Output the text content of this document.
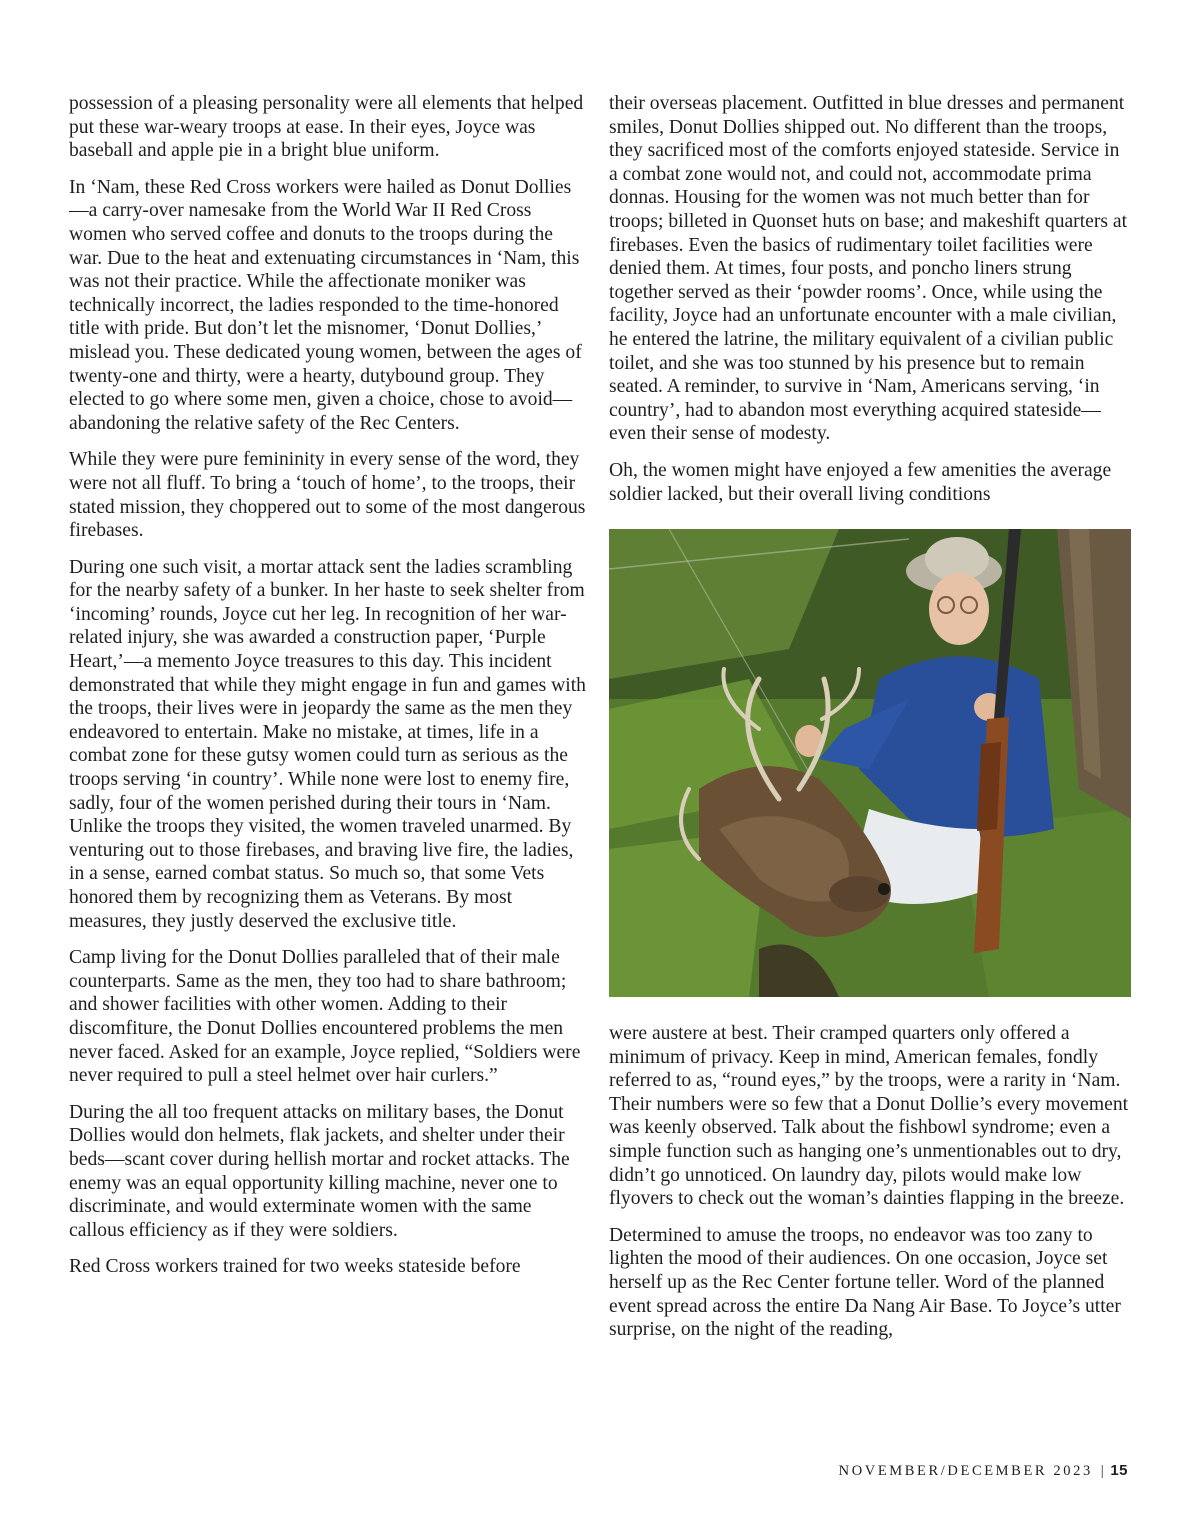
possession of a pleasing personality were all elements that helped put these war-weary troops at ease. In their eyes, Joyce was baseball and apple pie in a bright blue uniform.

In ‘Nam, these Red Cross workers were hailed as Donut Dollies—a carry-over namesake from the World War II Red Cross women who served coffee and donuts to the troops during the war. Due to the heat and extenuating circumstances in ‘Nam, this was not their practice. While the affectionate moniker was technically incorrect, the ladies responded to the time-honored title with pride. But don’t let the misnomer, ‘Donut Dollies,’ mislead you. These dedicated young women, between the ages of twenty-one and thirty, were a hearty, dutybound group. They elected to go where some men, given a choice, chose to avoid—abandoning the relative safety of the Rec Centers.

While they were pure femininity in every sense of the word, they were not all fluff. To bring a ‘touch of home’, to the troops, their stated mission, they choppered out to some of the most dangerous firebases.

During one such visit, a mortar attack sent the ladies scrambling for the nearby safety of a bunker. In her haste to seek shelter from ‘incoming’ rounds, Joyce cut her leg. In recognition of her war-related injury, she was awarded a construction paper, ‘Purple Heart,’—a memento Joyce treasures to this day. This incident demonstrated that while they might engage in fun and games with the troops, their lives were in jeopardy the same as the men they endeavored to entertain. Make no mistake, at times, life in a combat zone for these gutsy women could turn as serious as the troops serving ‘in country’. While none were lost to enemy fire, sadly, four of the women perished during their tours in ‘Nam. Unlike the troops they visited, the women traveled unarmed. By venturing out to those firebases, and braving live fire, the ladies, in a sense, earned combat status. So much so, that some Vets honored them by recognizing them as Veterans. By most measures, they justly deserved the exclusive title.

Camp living for the Donut Dollies paralleled that of their male counterparts. Same as the men, they too had to share bathroom; and shower facilities with other women. Adding to their discomfiture, the Donut Dollies encountered problems the men never faced. Asked for an example, Joyce replied, “Soldiers were never required to pull a steel helmet over hair curlers.”

During the all too frequent attacks on military bases, the Donut Dollies would don helmets, flak jackets, and shelter under their beds—scant cover during hellish mortar and rocket attacks. The enemy was an equal opportunity killing machine, never one to discriminate, and would exterminate women with the same callous efficiency as if they were soldiers.

Red Cross workers trained for two weeks stateside before

their overseas placement. Outfitted in blue dresses and permanent smiles, Donut Dollies shipped out. No different than the troops, they sacrificed most of the comforts enjoyed stateside. Service in a combat zone would not, and could not, accommodate prima donnas. Housing for the women was not much better than for troops; billeted in Quonset huts on base; and makeshift quarters at firebases. Even the basics of rudimentary toilet facilities were denied them. At times, four posts, and poncho liners strung together served as their ‘powder rooms’. Once, while using the facility, Joyce had an unfortunate encounter with a male civilian, he entered the latrine, the military equivalent of a civilian public toilet, and she was too stunned by his presence but to remain seated. A reminder, to survive in ‘Nam, Americans serving, ‘in country’, had to abandon most everything acquired stateside—even their sense of modesty.

Oh, the women might have enjoyed a few amenities the average soldier lacked, but their overall living conditions

were austere at best. Their cramped quarters only offered a minimum of privacy. Keep in mind, American females, fondly referred to as, “round eyes,” by the troops, were a rarity in ‘Nam. Their numbers were so few that a Donut Dollie’s every movement was keenly observed. Talk about the fishbowl syndrome; even a simple function such as hanging one’s unmentionables out to dry, didn’t go unnoticed. On laundry day, pilots would make low flyovers to check out the woman’s dainties flapping in the breeze.

Determined to amuse the troops, no endeavor was too zany to lighten the mood of their audiences. On one occasion, Joyce set herself up as the Rec Center fortune teller. Word of the planned event spread across the entire Da Nang Air Base. To Joyce’s utter surprise, on the night of the reading,

NOVEMBER/DECEMBER 2023 | 15
